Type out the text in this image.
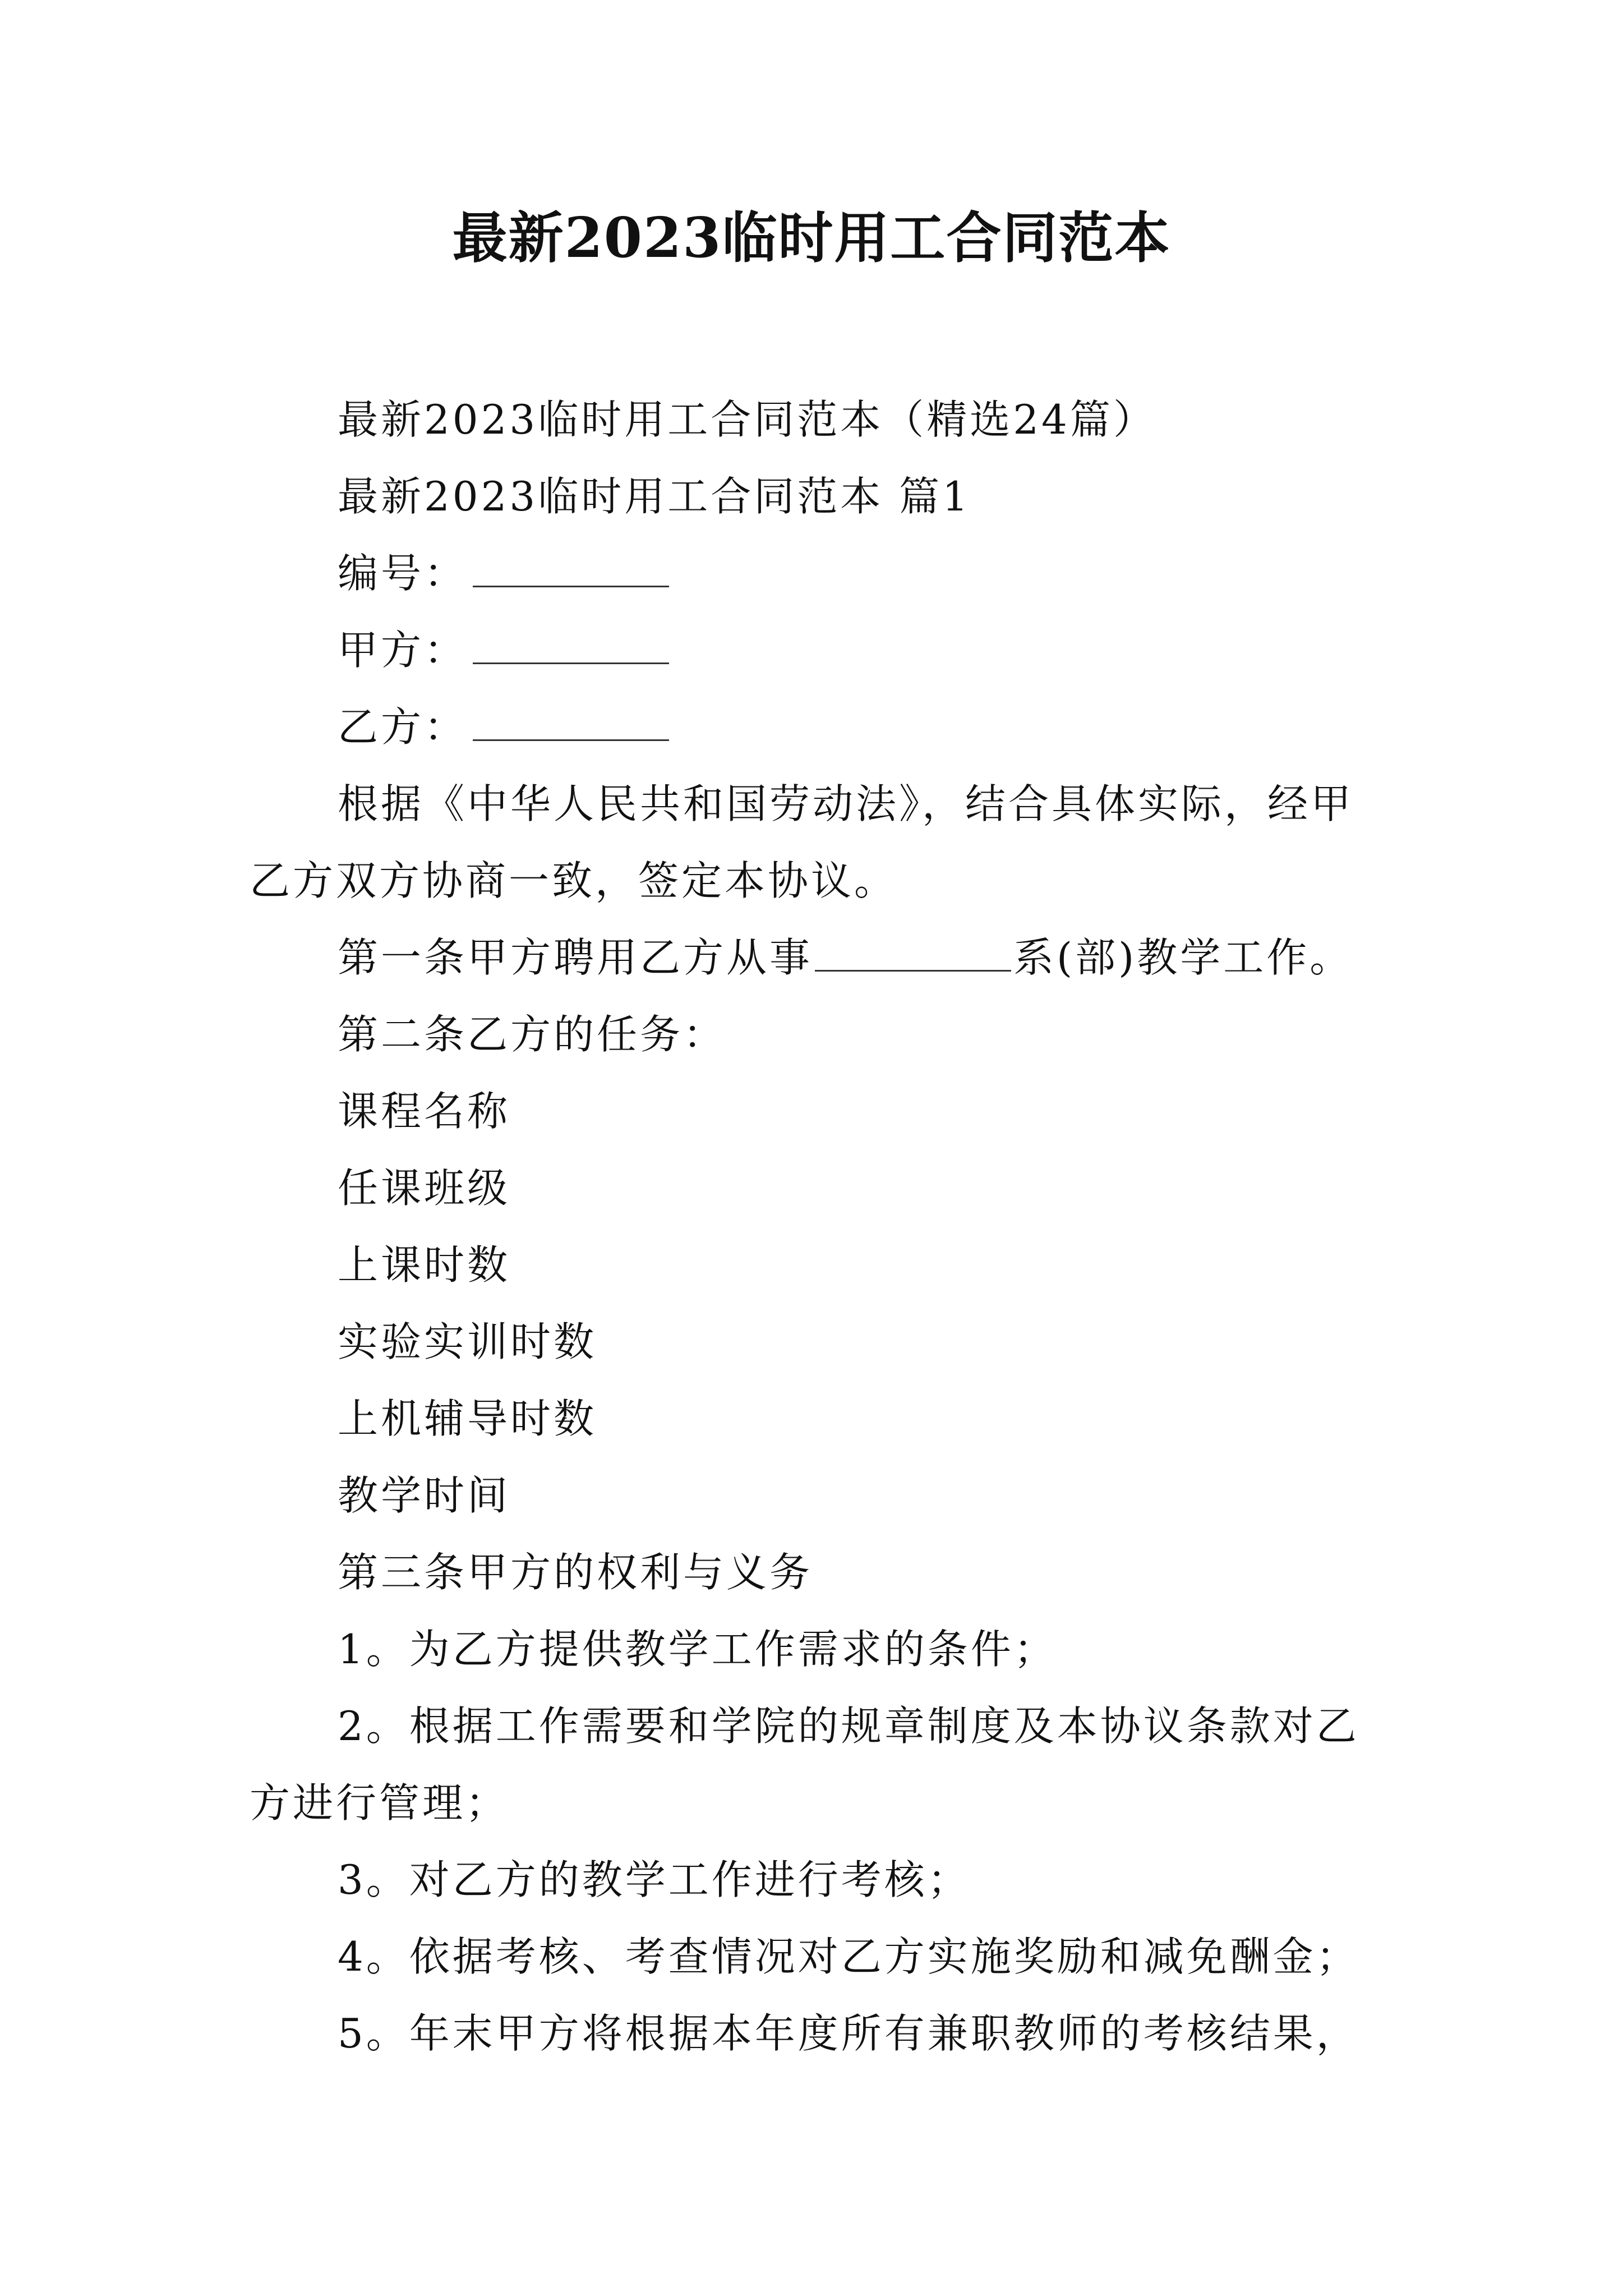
最新2023临时用工合同范本

最新2023临时用工合同范本（精选24篇）

最新2023临时用工合同范本 篇1

编号：

甲方：

乙方：

根据《中华人民共和国劳动法》，结合具体实际，经甲乙方双方协商一致，签定本协议。

第一条甲方聘用乙方从事	系(部)教学工作。

第二条乙方的任务：

课程名称

任课班级

上课时数

实验实训时数

上机辅导时数

教学时间

第三条甲方的权利与义务

1。为乙方提供教学工作需求的条件；

2。根据工作需要和学院的规章制度及本协议条款对乙方进行管理；

3。对乙方的教学工作进行考核；

4。依据考核、考查情况对乙方实施奖励和减免酬金；

5。年末甲方将根据本年度所有兼职教师的考核结果，
